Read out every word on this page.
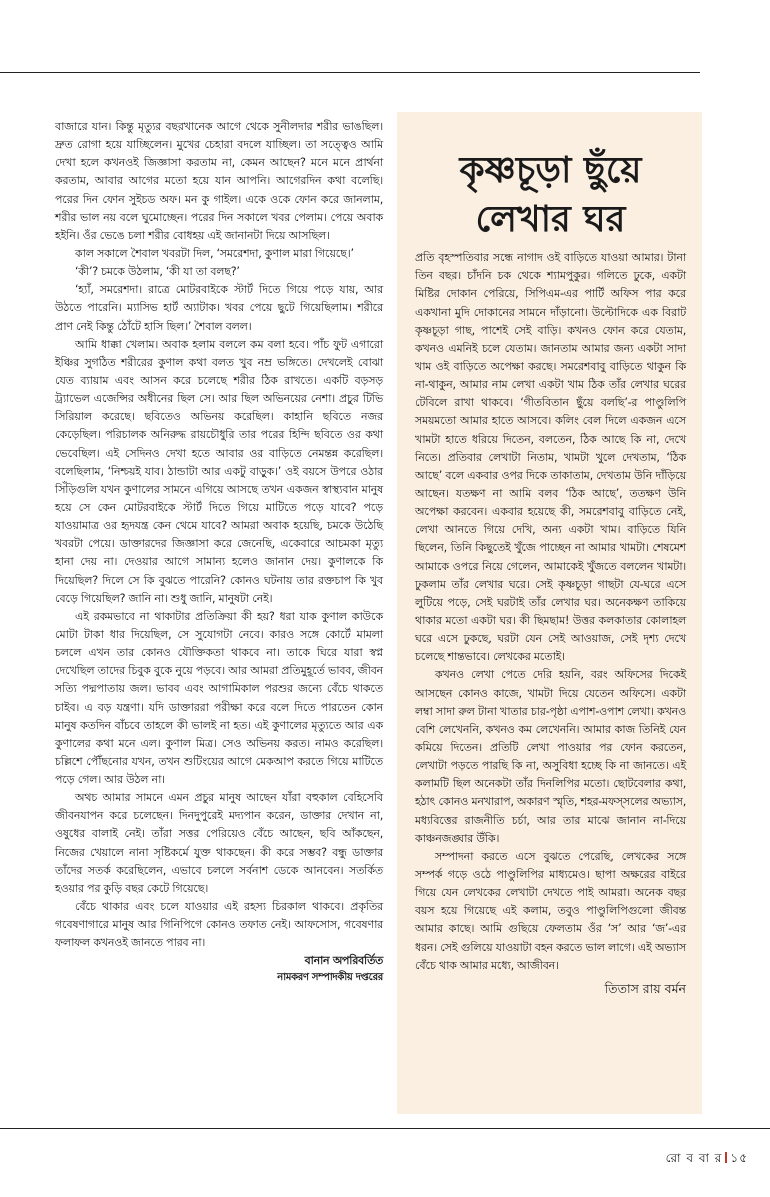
বাজারে যান। কিন্তু মৃত্যুর বছরখানেক আগে থেকে সুনীলদার শরীর ভাঙছিল। দ্রুত রোগা হয়ে যাচ্ছিলেন। মুখের চেহারা বদলে যাচ্ছিল। তা সত্ত্বেও আমি দেখা হলে কখনওই জিজ্ঞাসা করতাম না, কেমন আছেন? মনে মনে প্রার্থনা করতাম, আবার আগের মতো হয়ে যান আপনি। আগেরদিন কথা বলেছি। পরের দিন ফোন সুইচড অফ। মন কু গাইল। একে ওকে ফোন করে জানলাম, শরীর ভাল নয় বলে ঘুমোচ্ছেন। পরের দিন সকালে খবর পেলাম। পেয়ে অবাক হইনি। ওঁর ভেঙে চলা শরীর বোধহয় এই জানানটা দিয়ে আসছিল।

কাল সকালে শৈবাল খবরটা দিল, ‘সমরেশদা, কুণাল মারা গিয়েছে।’

‘কী’? চমকে উঠলাম, ‘কী যা তা বলছ?’

‘হ্যাঁ, সমরেশদা। রাত্রে মোটরবাইকে স্টার্ট দিতে গিয়ে পড়ে যায়, আর উঠতে পারেনি। ম্যাসিভ হার্ট অ্যাটাক। খবর পেয়ে ছুটে গিয়েছিলাম। শরীরে প্রাণ নেই কিন্তু ঠোঁটে হাসি ছিল।’ শৈবাল বলল।

আমি ধাক্কা খেলাম। অবাক হলাম বললে কম বলা হবে। পাঁচ ফুট এগারো ইঞ্চির সুগঠিত শরীরের কুণাল কথা বলত খুব নম্র ভঙ্গিতে। দেখলেই বোঝা যেত ব্যায়াম এবং আসন করে চলেছে শরীর ঠিক রাখতে। একটি বড়সড় ট্র্যাভেল এজেন্সির অধীনের ছিল সে। আর ছিল অভিনয়ের নেশা। প্রচুর টিভি সিরিয়াল করেছে। ছবিতেও অভিনয় করেছিল। কাহানি ছবিতে নজর কেড়েছিল। পরিচালক অনিরুদ্ধ রায়চৌধুরি তার পরের হিন্দি ছবিতে ওর কথা ভেবেছিল। এই সেদিনও দেখা হতে আবার ওর বাড়িতে নেমন্তন্ন করেছিল। বলেছিলাম, ‘নিশ্চয়ই যাব। ঠান্ডাটা আর একটু বাড়ুক।’ ওই বয়সে উপরে ওঠার সিঁড়িগুলি যখন কুণালের সামনে এগিয়ে আসছে তখন একজন স্বাস্থ্যবান মানুষ হয়ে সে কেন মোটরবাইকে স্টার্ট দিতে গিয়ে মাটিতে পড়ে যাবে? পড়ে যাওয়ামাত্র ওর হৃদযন্ত্র কেন থেমে যাবে? আমরা অবাক হয়েছি, চমকে উঠেছি খবরটা পেয়ে। ডাক্তারদের জিজ্ঞাসা করে জেনেছি, একেবারে আচমকা মৃত্যু হানা দেয় না। দেওয়ার আগে সামান্য হলেও জানান দেয়। কুণালকে কি দিয়েছিল? দিলে সে কি বুঝতে পারেনি? কোনও ঘটনায় তার রক্তচাপ কি খুব বেড়ে গিয়েছিল? জানি না। শুধু জানি, মানুষটা নেই।

এই রকমভাবে না থাকাটার প্রতিক্রিয়া কী হয়? ধরা যাক কুণাল কাউকে মোটা টাকা ধার দিয়েছিল, সে সুযোগটা নেবে। কারও সঙ্গে কোর্টে মামলা চললে এখন তার কোনও যৌক্তিকতা থাকবে না। তাকে ঘিরে যারা স্বপ্ন দেখেছিল তাদের চিবুক বুকে নুয়ে পড়বে। আর আমরা প্রতিমুহূর্তে ভাবব, জীবন সত্যি পদ্মপাতায় জল। ভাবব এবং আগামিকাল পরশুর জন্যে বেঁচে থাকতে চাইব। এ বড় যন্ত্রণা। যদি ডাক্তাররা পরীক্ষা করে বলে দিতে পারতেন কোন মানুষ কতদিন বাঁচবে তাহলে কী ভালই না হত। এই কুণালের মৃত্যুতে আর এক কুণালের কথা মনে এল। কুণাল মিত্র। সেও অভিনয় করত। নামও করেছিল। চল্লিশে পৌঁছনোর যখন, তখন শুটিংয়ের আগে মেকআপ করতে গিয়ে মাটিতে পড়ে গেল। আর উঠল না।

অথচ আমার সামনে এমন প্রচুর মানুষ আছেন যাঁরা বহুকাল বেহিসেবি জীবনযাপন করে চলেছেন। দিনদুপুরেই মদ্যপান করেন, ডাক্তার দেখান না, ওষুধের বালাই নেই। তাঁরা সত্তর পেরিয়েও বেঁচে আছেন, ছবি আঁকছেন, নিজের খেয়ালে নানা সৃষ্টিকর্মে যুক্ত থাকছেন। কী করে সম্ভব? বন্ধু ডাক্তার তাঁদের সতর্ক করেছিলেন, এভাবে চললে সর্বনাশ ডেকে আনবেন। সতর্কিত হওয়ার পর কুড়ি বছর কেটে গিয়েছে।

বেঁচে থাকার এবং চলে যাওয়ার এই রহস্য চিরকাল থাকবে। প্রকৃতির গবেষণাগারে মানুষ আর গিনিপিগে কোনও তফাত নেই। আফসোস, গবেষণার ফলাফল কখনওই জানতে পারব না।

বানান অপরিবর্তিত
নামকরণ সম্পাদকীয় দপ্তরের
কৃষ্ণচূড়া ছুঁয়ে
লেখার ঘর

প্রতি বৃহস্পতিবার সন্ধে নাগাদ ওই বাড়িতে যাওয়া আমার। টানা তিন বছর। চাঁদনি চক থেকে শ্যামপুকুর। গলিতে ঢুকে, একটা মিষ্টির দোকান পেরিয়ে, সিপিএম-এর পার্টি অফিস পার করে একখানা মুদি দোকানের সামনে দাঁড়ানো। উল্টোদিকে এক বিরাট কৃষ্ণচূড়া গাছ, পাশেই সেই বাড়ি। কখনও ফোন করে যেতাম, কখনও এমনিই চলে যেতাম। জানতাম আমার জন্য একটা সাদা খাম ওই বাড়িতে অপেক্ষা করছে। সমরেশবাবু বাড়িতে থাকুন কি না-থাকুন, আমার নাম লেখা একটা খাম ঠিক তাঁর লেখার ঘরের টেবিলে রাখা থাকবে। ‘গীতবিতান ছুঁয়ে বলছি’-র পাণ্ডুলিপি সময়মতো আমার হাতে আসবে। কলিং বেল দিলে একজন এসে খামটা হাতে ধরিয়ে দিতেন, বলতেন, ঠিক আছে কি না, দেখে নিতে। প্রতিবার লেখাটা নিতাম, খামটা খুলে দেখতাম, ‘ঠিক আছে’ বলে একবার ওপর দিকে তাকাতাম, দেখতাম উনি দাঁড়িয়ে আছেন। যতক্ষণ না আমি বলব ‘ঠিক আছে’, ততক্ষণ উনি অপেক্ষা করবেন। একবার হয়েছে কী, সমরেশবাবু বাড়িতে নেই, লেখা আনতে গিয়ে দেখি, অন্য একটা খাম। বাড়িতে যিনি ছিলেন, তিনি কিছুতেই খুঁজে পাচ্ছেন না আমার খামটা। শেষমেশ আমাকে ওপরে নিয়ে গেলেন, আমাকেই খুঁজতে বললেন খামটা। ঢুকলাম তাঁর লেখার ঘরে। সেই কৃষ্ণচূড়া গাছটা যে-ঘরে এসে লুটিয়ে পড়ে, সেই ঘরটাই তাঁর লেখার ঘর। অনেকক্ষণ তাকিয়ে থাকার মতো একটা ঘর। কী ছিমছাম! উত্তর কলকাতার কোলাহল ঘরে এসে ঢুকছে, ঘরটা যেন সেই আওয়াজ, সেই দৃশ্য দেখে চলেছে শান্তভাবে। লেখকের মতোই।

কখনও লেখা পেতে দেরি হয়নি, বরং অফিসের দিকেই আসছেন কোনও কাজে, খামটা দিয়ে যেতেন অফিসে। একটা লম্বা সাদা রুল টানা খাতার চার-পৃষ্ঠা এপাশ-ওপাশ লেখা। কখনও বেশি লেখেননি, কখনও কম লেখেননি। আমার কাজ তিনিই যেন কমিয়ে দিতেন। প্রতিটি লেখা পাওয়ার পর ফোন করতেন, লেখাটা পড়তে পারছি কি না, অসুবিধা হচ্ছে কি না জানতে। এই কলামটি ছিল অনেকটা তাঁর দিনলিপির মতো। ছোটবেলার কথা, হঠাৎ কোনও মনখারাপ, অকারণ স্মৃতি, শহর-মফস্সলের অভ্যাস, মধ্যবিত্তের রাজনীতি চর্চা, আর তার মাঝে জানান না-দিয়ে কাঞ্চনজঙ্ঘার উঁকি।

সম্পাদনা করতে এসে বুঝতে পেরেছি, লেখকের সঙ্গে সম্পর্ক গড়ে ওঠে পাণ্ডুলিপির মাধ্যমেও। ছাপা অক্ষরের বাইরে গিয়ে যেন লেখকের লেখাটা দেখতে পাই আমরা। অনেক বছর বয়স হয়ে গিয়েছে এই কলাম, তবুও পাণ্ডুলিপিগুলো জীবন্ত আমার কাছে। আমি গুছিয়ে ফেলতাম ওঁর ‘স’ আর ‘জ’-এর ধরন। সেই গুলিয়ে যাওয়াটা বহন করতে ভাল লাগে। এই অভ্যাস বেঁচে থাক আমার মধ্যে, আজীবন।

তিতাস রায় বর্মন
রো ব বা র ১৫
